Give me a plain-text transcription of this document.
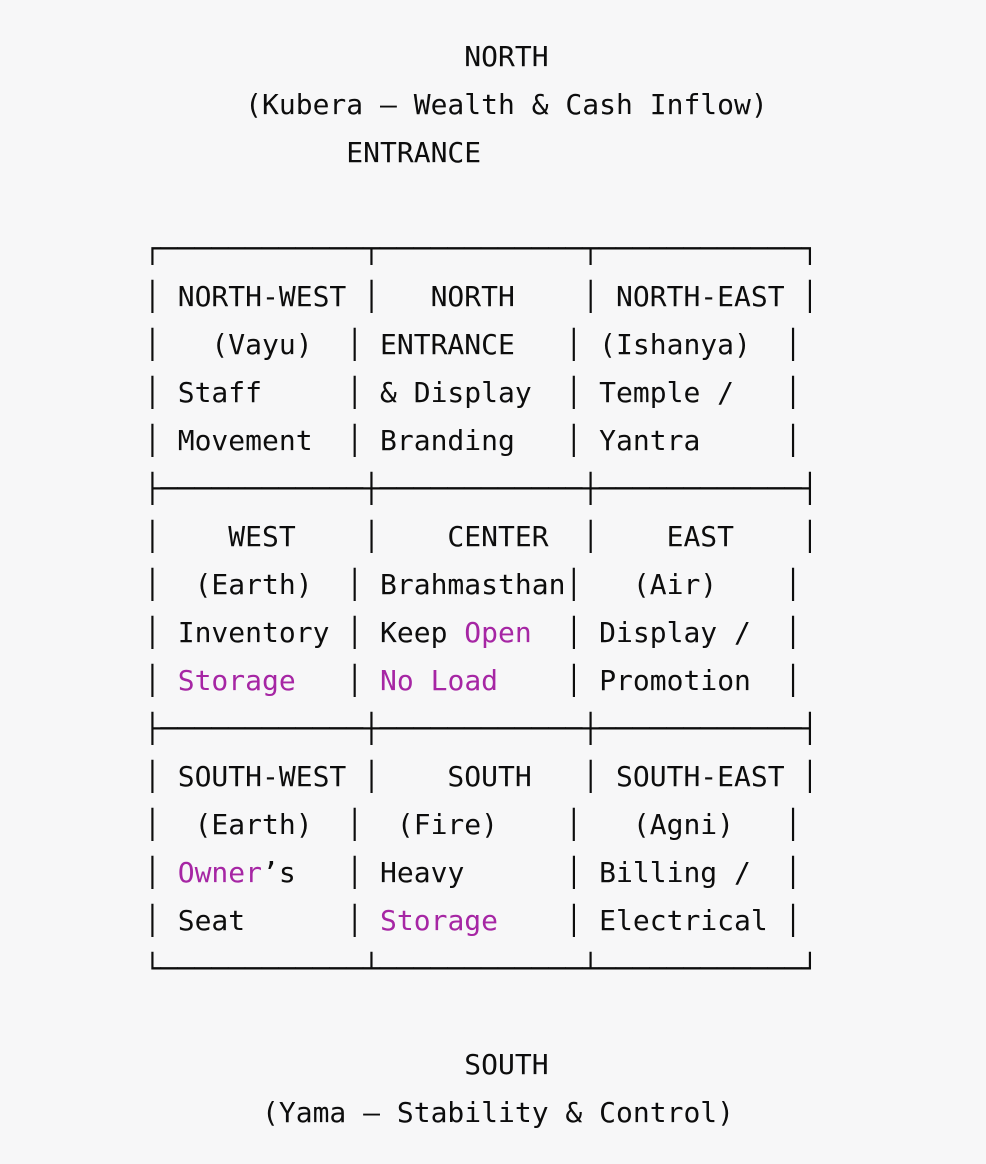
NORTH
(Kubera — Wealth & Cash Inflow)
ENTRANCE

┌────────────┬────────────┬────────────┐
│ NORTH-WEST │   NORTH    │ NORTH-EAST │
│   (Vayu)  │ ENTRANCE   │ (Ishanya)  │
│ Staff     │ & Display  │ Temple /   │
│ Movement  │ Branding   │ Yantra     │
├────────────┼────────────┼────────────┤
│    WEST    │    CENTER  │    EAST    │
│  (Earth)  │ Brahmasthan│   (Air)    │
│ Inventory │ Keep Open  │ Display /  │
│ Storage   │ No Load    │ Promotion  │
├────────────┼────────────┼────────────┤
│ SOUTH-WEST │    SOUTH   │ SOUTH-EAST │
│  (Earth)  │  (Fire)    │   (Agni)   │
│ Owner’s   │ Heavy      │ Billing /  │
│ Seat      │ Storage    │ Electrical │
└────────────┴────────────┴────────────┘

SOUTH
(Yama — Stability & Control)
